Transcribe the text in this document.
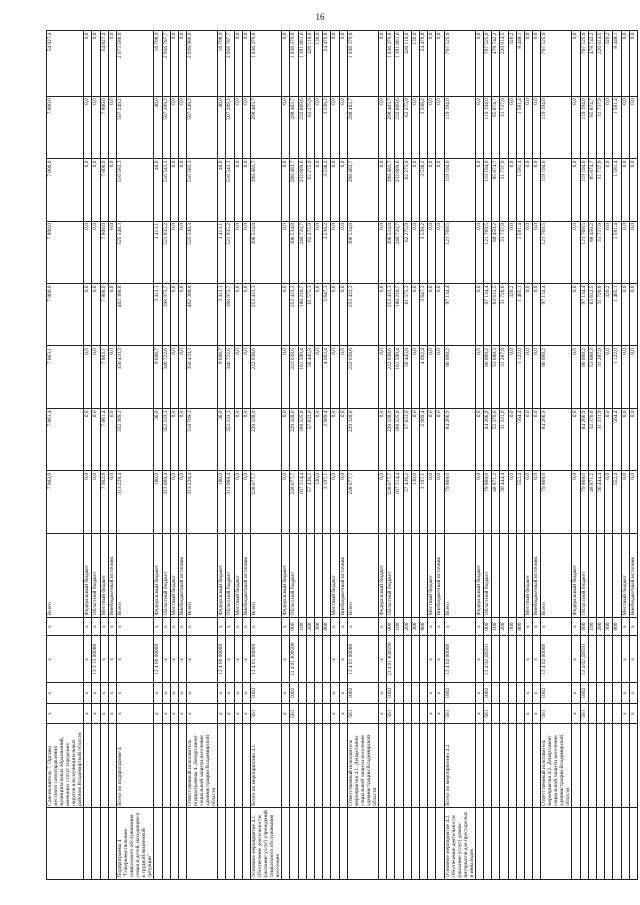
16
	Соисполнитель 7. Органы местного самоуправления муниципальных образований, имеющих статус городских округов или муниципальных районов Владимирской области	x	x	x	x	Всего	7 902,9	7 861,4	7 863,1	7 800,0	7 800,0	7 800,0	7 800,0	54 827,4
		x	x	x	x	Федеральный бюджет	0,0	0,0	0,0	0,0	0,0	0,0	0,0	0,0
		x	x	13 3 15 00000	x	Областной бюджет	0,0	0,0	0,0	0,0	0,0	0,0	0,0	0,0
		x	x	x	x	Местный бюджет	7 902,9	7 861,4	7 863,1	7 800,0	7 800,0	7 800,0	7 800,0	54 827,4
		x	x	x	x	Внебюджетный источник	0,0	0,0	0,0	0,0	0,0	0,0	0,0	0,0
Подпрограмма 4 "Совершенствование социального обслуживания семьи и детей, находящихся в трудной жизненной ситуации"	Всего по подпрограмме 4	x	x	x	x	Всего	313 228,4	352 369,3	356 410,3	402 388,8	525 348,3	516 583,3	507 249,2	2 973 586,6
		x	x	13 4 00 00000	x	Федеральный бюджет	160,0	36,0	9 696,7	3 413,1	3 413,1	40,0	40,0	16 798,9
		x	x	x	x	Областной бюджет	313 068,4	352 333,3	346 722,6	398 975,7	521 935,2	516 543,3	507 209,2	2 956 787,7
		x	x	x	x	Местный бюджет	0,0	0,0	0,0	0,0	0,0	0,0	0,0	0,0
		x	x	x	x	Внебюджетный источник	0,0	0,0	0,0	0,0	0,0	0,0	0,0	0,0
	Ответственный исполнитель подпрограммы 4. Департамент социальной защиты населения администрации Владимирской области	x	x	x	x	Всего	313 228,4	318 769,3	356 419,3	402 388,8	525 348,3	516 583,3	507 249,2	2 939 986,6
		x	x	13 4 00 00000	x	Федеральный бюджет	160,0	36,0	9 696,7	3 413,1	3 413,1	40,0	40,0	16 798,9
		x	x	x	x	Областной бюджет	313 068,4	352 333,3	346 722,6	398 975,7	521 935,2	516 543,3	507 209,2	2 956 787,7
		x	x	x	x	Местный бюджет	0,0	0,0	0,0	0,0	0,0	0,0	0,0	0,0
		x	x	x	x	Внебюджетный источник	0,0	0,0	0,0	0,0	0,0	0,0	0,0	0,0
Основное мероприятие 4.1. Обеспечение деятельности (оказание услуг) учреждений социального обслуживания населения	Всего по мероприятию 4.1.	561	1002	13 4 01 00000	x	Всего	228 077,7	229 328,0	222 038,6	253 433,3	306 534,8	298 483,7	298 483,7	1 836 379,8
		x	x	x	x	Федеральный бюджет	0,0	0,0	0,0	0,0	0,0	0,0	0,0	0,0
		561	1002	13 4 01 Ю0590	000	Областной бюджет	228 077,7	229 328,0	222 038,6	253 433,3	306 534,8	298 483,7	298 483,7	1 836 379,8
					100		167 314,4	168 325,6	161 590,4	188 210,7	240 720,7	232 669,6	232 669,6	1 391 661,0
					200		57 436,2	57 833,0	56 445,8	61 575,3	62 275,9	62 275,9	62 275,9	420 118,0
					300		130,0	0,0	0,0	0,0	0,0	0,0	0,0	130,0
					800		3 197,1	2 969,4	4 002,4	3 647,3	3 538,2	3 538,2	3 538,2	24 470,8
		x	x	x	x	Местный бюджет	0,0	0,0	0,0	0,0	0,0	0,0	0,0	0,0
		x	x	x	x	Внебюджетный источник	0,0	0,0	0,0	0,0	0,0	0,0	0,0	0,0
	Ответственный исполнитель мероприятия 4.1. Департамент социальной защиты населения администрации Владимирской области	561	1002	13 4 01 00000	x	Всего	228 077,7	229 328,0	222 038,6	253 433,3	306 534,8	298 483,7	298 483,7	1 836 379,8
		x	x	x	x	Федеральный бюджет	0,0	0,0	0,0	0,0	0,0	0,0	0,0	0,0
		561	1002	13 4 01 Ю0590	000	Областной бюджет	228 077,7	229 328,0	222 038,6	253 433,3	306 534,8	298 483,7	298 483,7	1 836 379,8
					100		167 314,4	168 325,6	161 590,4	188 210,7	240 720,7	232 669,6	232 669,6	1 391 661,0
					200		57 436,2	57 833,0	56 445,8	61 575,3	62 275,9	62 275,9	62 275,9	420 118,0
					300		130,0	0,0	0,0	0,0	0,0	0,0	0,0	130,0
					800		3 197,1	2 969,4	4 002,4	3 647,3	3 538,2	3 538,2	3 538,2	24 470,8
		x	x	x	x	Местный бюджет	0,0	0,0	0,0	0,0	0,0	0,0	0,0	0,0
		x	x	x	x	Внебюджетный источник	0,0	0,0	0,0	0,0	0,0	0,0	0,0	0,0
Основное мероприятие 4.2. Обеспечение деятельности (оказание услуг) домов-интернатов для престарелых и инвалидов	Всего по мероприятию 4.2.	561	1002	13 4 02 00000	x	Всего	79 868,0	84 266,9	86 098,2	97 134,4	121 769,5	119 194,0	119 194,0	707 525,0
		x	x	x	x	Федеральный бюджет	0,0	0,0	0,0	0,0	0,0	0,0	0,0	0,0
		561	1002	13 4 02 Д0591	000	Областной бюджет	79 868,0	84 266,9	86 098,2	97 134,4	121 769,5	119 194,0	119 194,0	707 525,0
					100		48 871,2	52 370,6	53 688,3	63 612,5	88 450,2	85 874,7	85 874,7	478 742,2
					200		30 444,4	31 331,9	31 287,9	31 726,6	31 737,9	31 737,9	31 737,9	220 014,5
					300		0,0	0,0	0,0	320,2	0,0	0,0	0,0	320,2
					800		552,4	564,4	1 122,0	1 465,1	1 581,4	1 581,4	1 581,4	8 448,1
		x	x	x	x	Местный бюджет	0,0	0,0	0,0	0,0	0,0	0,0	0,0	0,0
		x	x	x	x	Внебюджетный источник	0,0	0,0	0,0	0,0	0,0	0,0	0,0	0,0
	Ответственный исполнитель мероприятия 4.2. Департамент социальной защиты населения администрации Владимирской области	561	1002	13 4 02 00000	x	Всего	79 868,0	84 266,9	86 098,2	97 134,4	121 769,5	119 194,0	119 194,0	707 525,0
		x	x	x	x	Федеральный бюджет	0,0	0,0	0,0	0,0	0,0	0,0	0,0	0,0
		561	1002	13 4 02 Д0591	000	Областной бюджет	79 868,0	84 266,9	86 098,2	97 134,4	121 769,5	119 194,0	119 194,0	707 525,0
					100		48 871,2	52 370,6	53 688,3	63 612,5	88 450,2	85 874,7	85 874,7	478 742,2
					200		30 444,4	31 331,9	31 287,9	31 726,6	31 737,9	31 737,9	31 737,9	220 014,5
					300		0,0	0,0	0,0	320,2	0,0	0,0	0,0	320,2
					800		552,4	564,4	1 122,0	1 465,1	1 581,4	1 581,4	1 581,4	8 448,1
		x	x	x	x	Местный бюджет	0,0	0,0	0,0	0,0	0,0	0,0	0,0	0,0
		x	x	x	x	Внебюджетный источник	0,0	0,0	0,0	0,0	0,0	0,0	0,0	0,0
